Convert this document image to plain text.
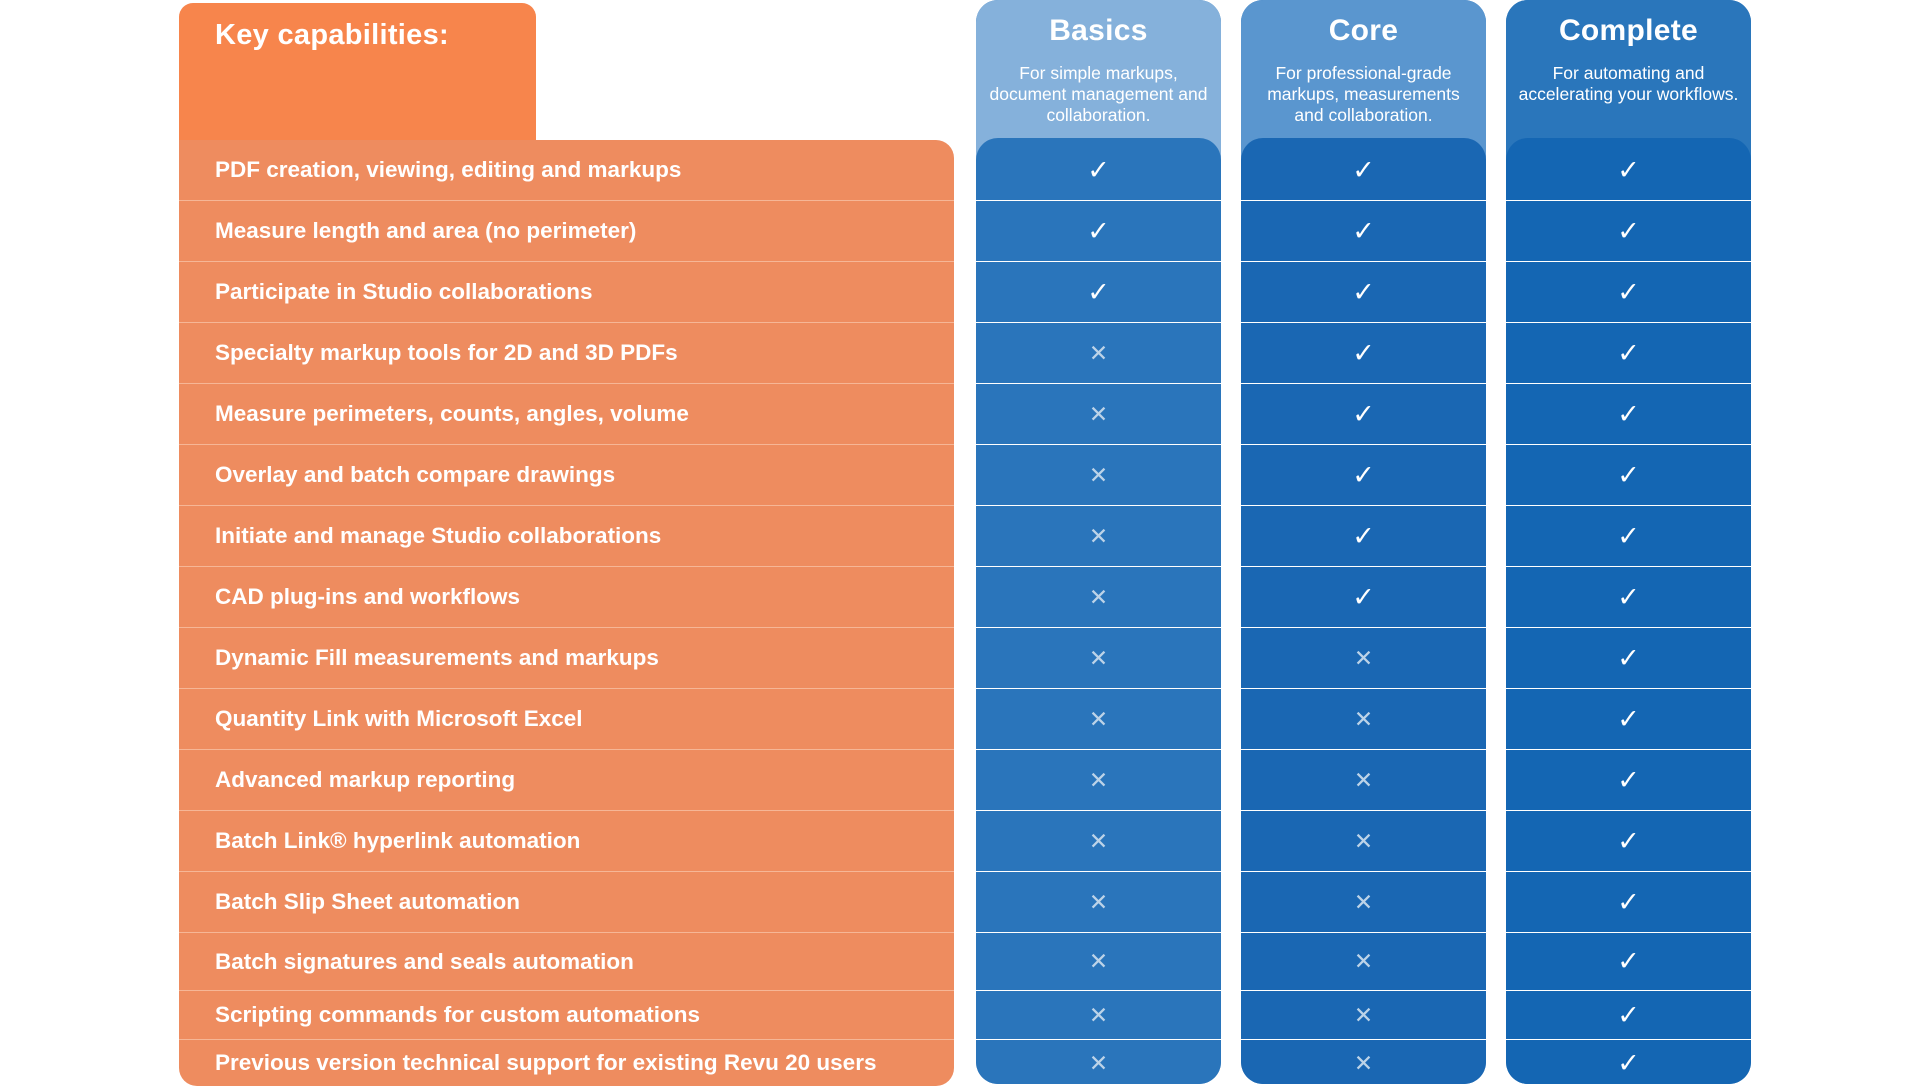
Key capabilities:
PDF creation, viewing, editing and markups
Measure length and area (no perimeter)
Participate in Studio collaborations
Specialty markup tools for 2D and 3D PDFs
Measure perimeters, counts, angles, volume
Overlay and batch compare drawings
Initiate and manage Studio collaborations
CAD plug-ins and workflows
Dynamic Fill measurements and markups
Quantity Link with Microsoft Excel
Advanced markup reporting
Batch Link® hyperlink automation
Batch Slip Sheet automation
Batch signatures and seals automation
Scripting commands for custom automations
Previous version technical support for existing Revu 20 users
Basics
For simple markups, document management and collaboration.
✓
✓
✓
✕
✕
✕
✕
✕
✕
✕
✕
✕
✕
✕
✕
✕
Core
For professional-grade markups, measurements and collaboration.
✓
✓
✓
✓
✓
✓
✓
✓
✕
✕
✕
✕
✕
✕
✕
✕
Complete
For automating and accelerating your workflows.
✓
✓
✓
✓
✓
✓
✓
✓
✓
✓
✓
✓
✓
✓
✓
✓
